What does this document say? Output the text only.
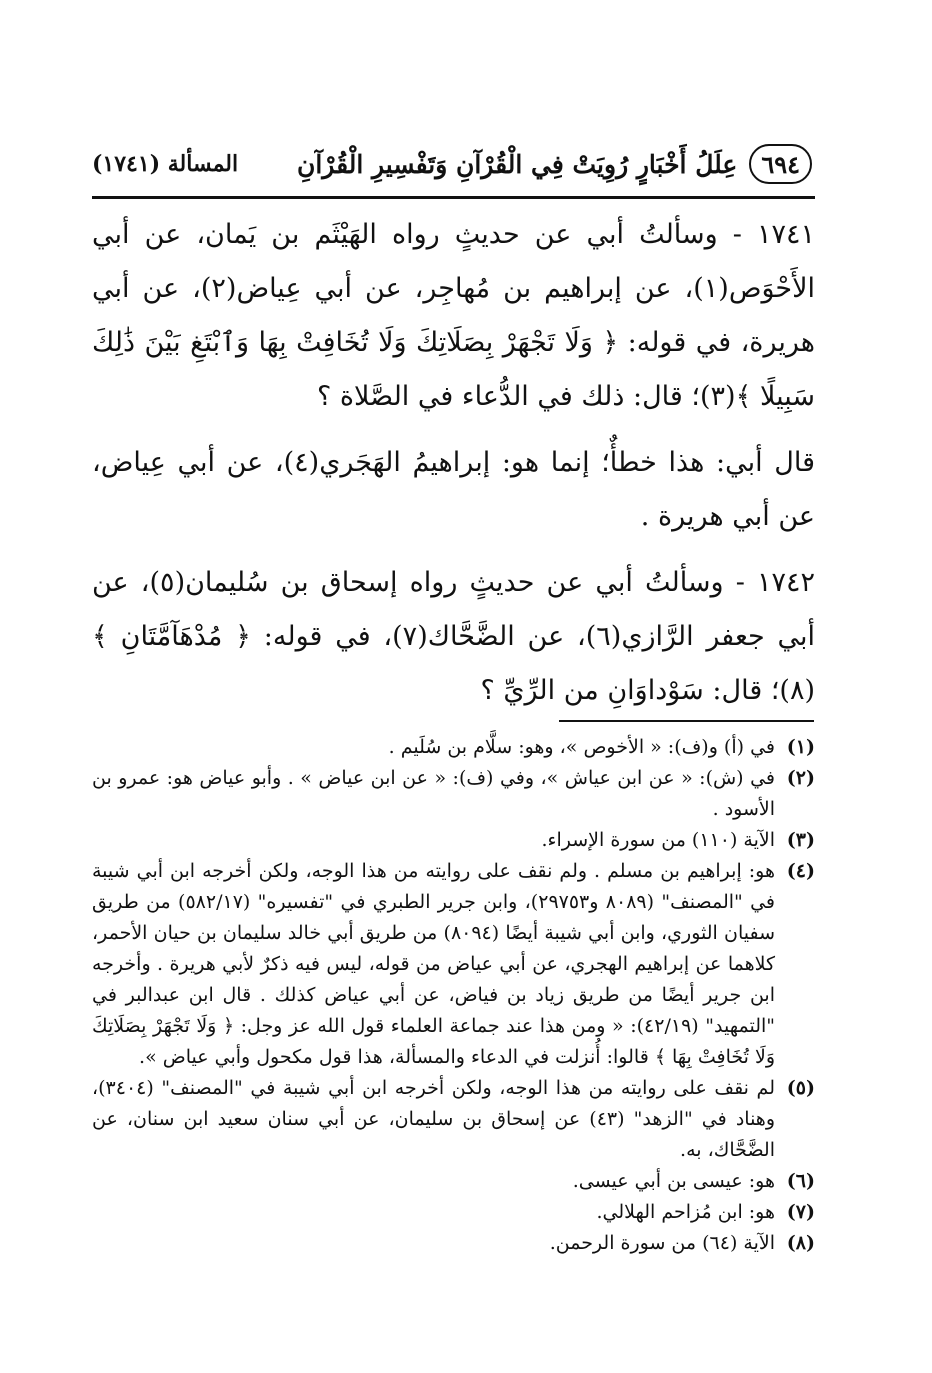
٦٩٤
عِلَلُ أَخْبَارٍ رُوِيَتْ فِي الْقُرْآنِ وَتَفْسِيرِ الْقُرْآنِ
المسألة (١٧٤١)

١٧٤١ - وسألتُ أبي عن حديثٍ رواه الهَيْثَم بن يَمان، عن أبي الأَحْوَص(١)، عن إبراهيم بن مُهاجِر، عن أبي عِياض(٢)، عن أبي هريرة، في قوله: ﴿ وَلَا تَجْهَرْ بِصَلَاتِكَ وَلَا تُخَافِتْ بِهَا وَٱبْتَغِ بَيْنَ ذَٰلِكَ سَبِيلًا ﴾(٣)؛ قال: ذلك في الدُّعاء في الصَّلاة ؟

قال أبي: هذا خطأٌ؛ إنما هو: إبراهيمُ الهَجَري(٤)، عن أبي عِياض، عن أبي هريرة .

١٧٤٢ - وسألتُ أبي عن حديثٍ رواه إسحاق بن سُليمان(٥)، عن أبي جعفر الرَّازي(٦)، عن الضَّحَّاك(٧)، في قوله: ﴿ مُدْهَآمَّتَانِ ﴾(٨)؛ قال: سَوْداوَانِ من الرِّيِّ ؟

(١)
في (أ) و(ف): « الأخوص »، وهو: سلَّام بن سُلَيم .
(٢)
في (ش): « عن ابن عياش »، وفي (ف): « عن ابن عياض » . وأبو عياض هو: عمرو بن الأسود .
(٣)
الآية (١١٠) من سورة الإسراء.
(٤)
هو: إبراهيم بن مسلم . ولم نقف على روايته من هذا الوجه، ولكن أخرجه ابن أبي شيبة في "المصنف" (٨٠٨٩ و٢٩٧٥٣)، وابن جرير الطبري في "تفسيره" (٥٨٢/١٧) من طريق سفيان الثوري، وابن أبي شيبة أيضًا (٨٠٩٤) من طريق أبي خالد سليمان بن حيان الأحمر، كلاهما عن إبراهيم الهجري، عن أبي عياض من قوله، ليس فيه ذكرٌ لأبي هريرة . وأخرجه ابن جرير أيضًا من طريق زياد بن فياض، عن أبي عياض كذلك . قال ابن عبدالبر في "التمهيد" (٤٢/١٩): « ومن هذا عند جماعة العلماء قول الله عز وجل: ﴿ وَلَا تَجْهَرْ بِصَلَاتِكَ وَلَا تُخَافِتْ بِهَا ﴾ قالوا: أُنزلت في الدعاء والمسألة، هذا قول مكحول وأبي عياض ».
(٥)
لم نقف على روايته من هذا الوجه، ولكن أخرجه ابن أبي شيبة في "المصنف" (٣٤٠٤)، وهناد في "الزهد" (٤٣) عن إسحاق بن سليمان، عن أبي سنان سعيد ابن سنان، عن الضَّحَّاك، به.
(٦)
هو: عيسى بن أبي عيسى.
(٧)
هو: ابن مُزاحم الهلالي.
(٨)
الآية (٦٤) من سورة الرحمن.
